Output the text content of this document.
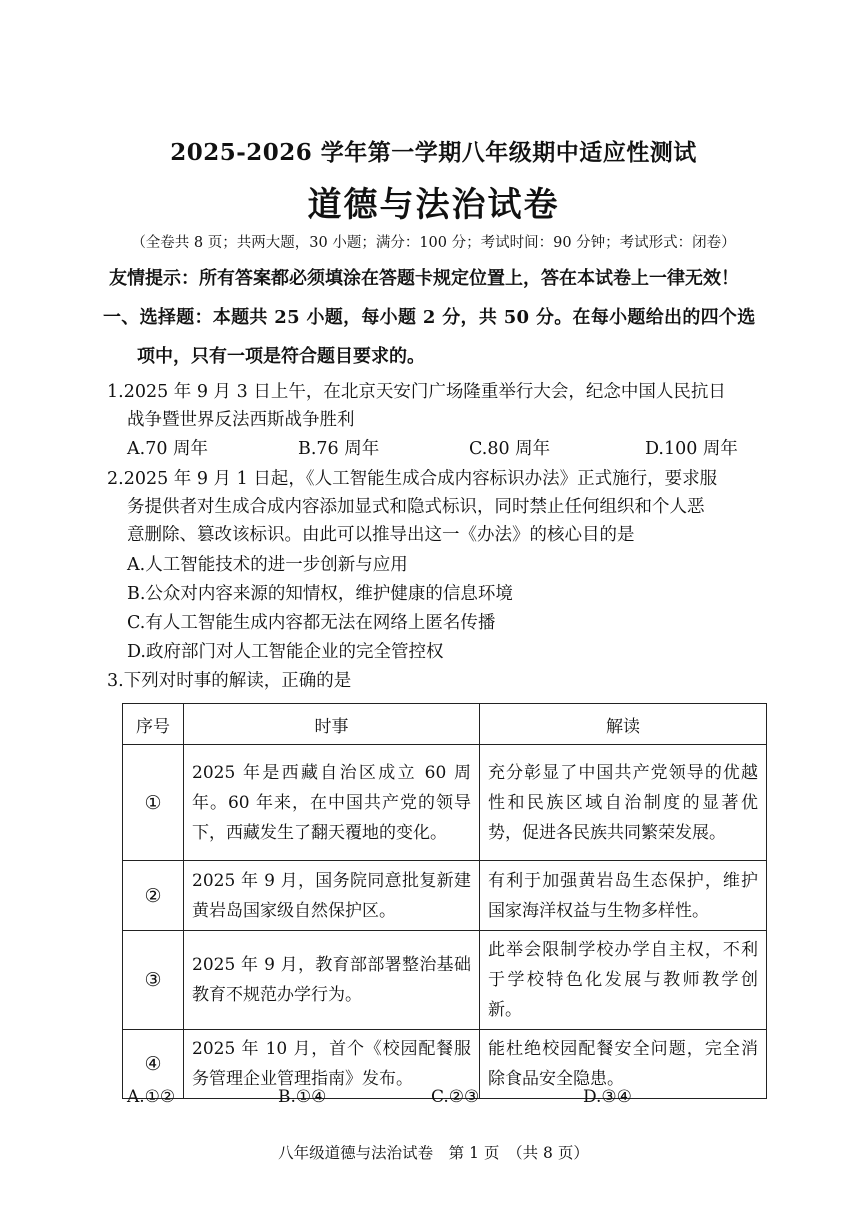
2025-2026 学年第一学期八年级期中适应性测试
道德与法治试卷
（全卷共 8 页；共两大题，30 小题；满分：100 分；考试时间：90 分钟；考试形式：闭卷）
友情提示：所有答案都必须填涂在答题卡规定位置上，答在本试卷上一律无效！
一、选择题：本题共 25 小题，每小题 2 分，共 50 分。在每小题给出的四个选
项中，只有一项是符合题目要求的。
1.2025 年 9 月 3 日上午，在北京天安门广场隆重举行大会，纪念中国人民抗日
战争暨世界反法西斯战争胜利
A.70 周年	B.76 周年	C.80 周年	D.100 周年
2.2025 年 9 月 1 日起，《人工智能生成合成内容标识办法》正式施行，要求服
务提供者对生成合成内容添加显式和隐式标识，同时禁止任何组织和个人恶
意删除、篡改该标识。由此可以推导出这一《办法》的核心目的是
A.人工智能技术的进一步创新与应用
B.公众对内容来源的知情权，维护健康的信息环境
C.有人工智能生成内容都无法在网络上匿名传播
D.政府部门对人工智能企业的完全管控权
3.下列对时事的解读，正确的是
序号	时事	解读
①	2025 年是西藏自治区成立 60 周年。60 年来，在中国共产党的领导下，西藏发生了翻天覆地的变化。	充分彰显了中国共产党领导的优越性和民族区域自治制度的显著优势，促进各民族共同繁荣发展。
②	2025 年 9 月，国务院同意批复新建黄岩岛国家级自然保护区。	有利于加强黄岩岛生态保护，维护国家海洋权益与生物多样性。
③	2025 年 9 月，教育部部署整治基础教育不规范办学行为。	此举会限制学校办学自主权，不利于学校特色化发展与教师教学创新。
④	2025 年 10 月，首个《校园配餐服务管理企业管理指南》发布。	能杜绝校园配餐安全问题，完全消除食品安全隐患。
A.①②	B.①④	C.②③	D.③④
八年级道德与法治试卷　第 1 页　（共 8 页）
